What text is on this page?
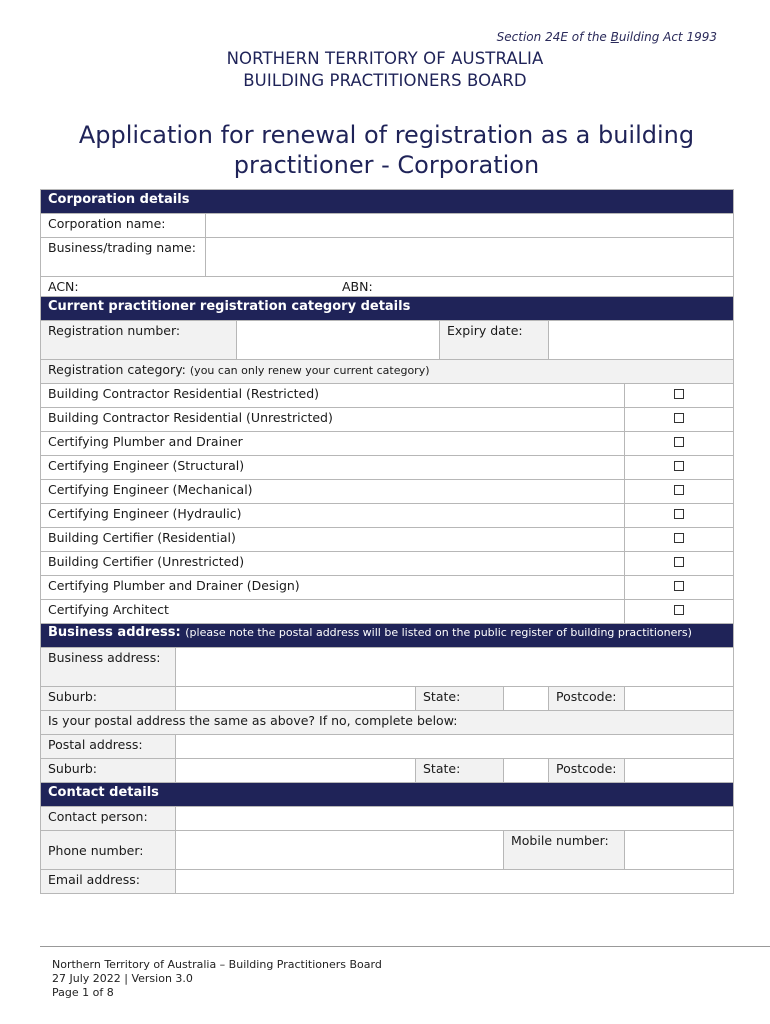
Section 24E of the Building Act 1993
NORTHERN TERRITORY OF AUSTRALIA
BUILDING PRACTITIONERS BOARD
Application for renewal of registration as a building
practitioner - Corporation
Corporation details								
Corporation name:								
Business/trading name:								

ACN: ABN:								

Current practitioner registration category details								
Registration number:					Expiry date:			
Registration category: (you can only renew your current category)								
Building Contractor Residential (Restricted)								
Building Contractor Residential (Unrestricted)								
Certifying Plumber and Drainer								
Certifying Engineer (Structural)								
Certifying Engineer (Mechanical)								
Certifying Engineer (Hydraulic)								
Building Certifier (Residential)								
Building Certifier (Unrestricted)								
Certifying Plumber and Drainer (Design)								
Certifying Architect								
Business address: (please note the postal address will be listed on the public register of building practitioners)								
Business address:								
Suburb:				State:			Postcode:	
Is your postal address the same as above? If no, complete below:								
Postal address:								
Suburb:				State:			Postcode:	
Contact details								
Contact person:								
Phone number:						Mobile number:		
Email address:								
Northern Territory of Australia – Building Practitioners Board
27 July 2022 | Version 3.0
Page 1 of 8
